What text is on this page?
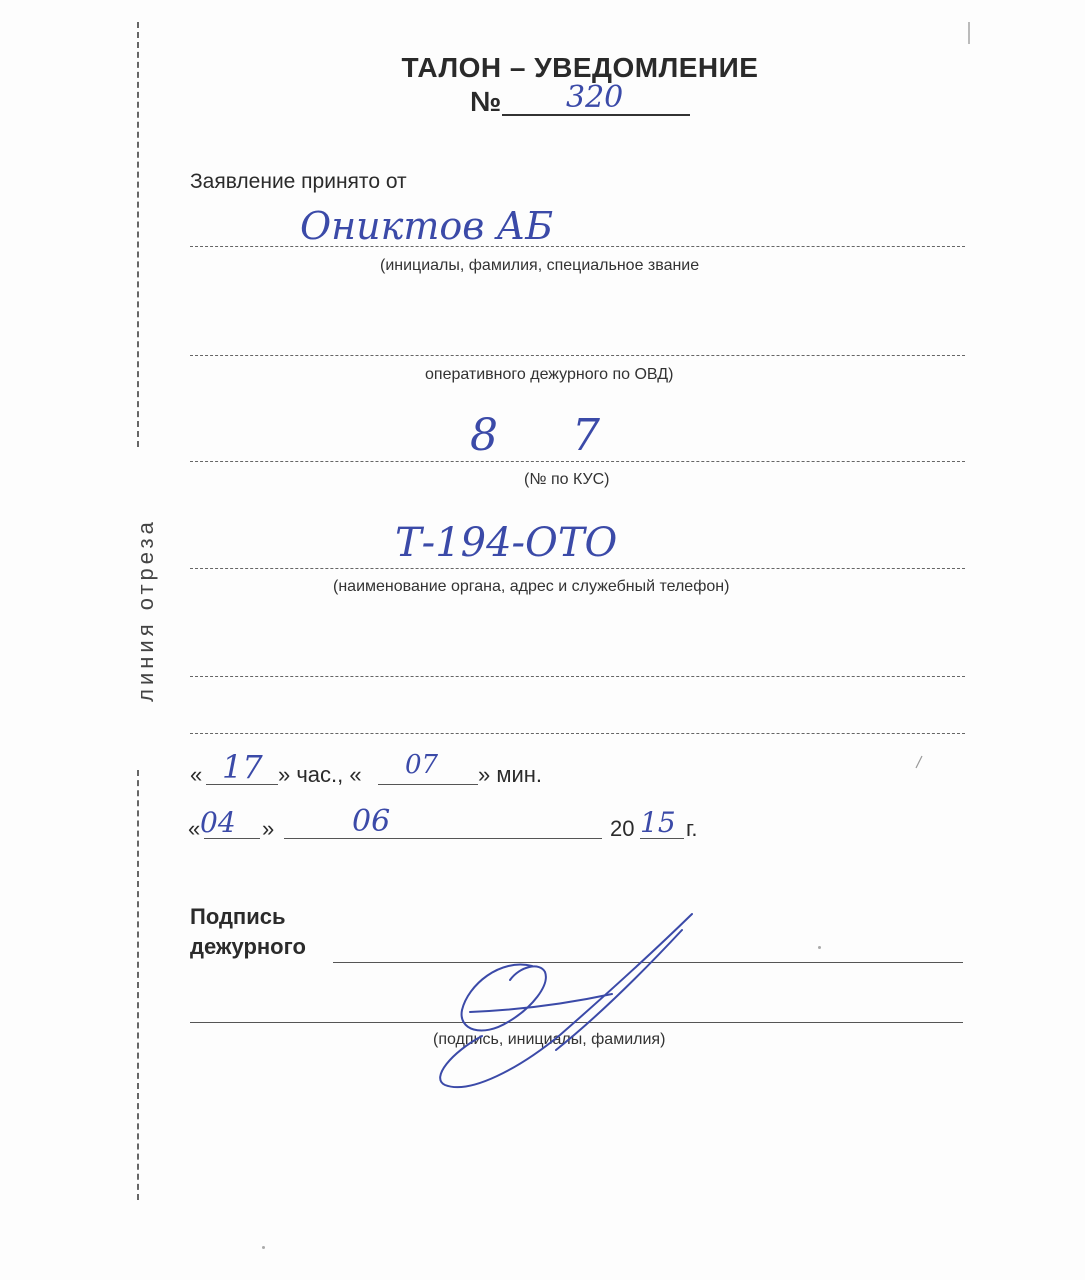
линия отреза
ТАЛОН – УВЕДОМЛЕНИЕ
№ 320
Заявление принято от
Ониктов АБ
(инициалы, фамилия, специальное звание
оперативного дежурного по ОВД)
8 7
(№ по КУС)
Т-194-ОТО
(наименование органа, адрес и служебный телефон)
« 17 » час., « 07 » мин.
« 04 »	06	20 15 г.
Подпись
дежурного
(подпись, инициалы, фамилия)
